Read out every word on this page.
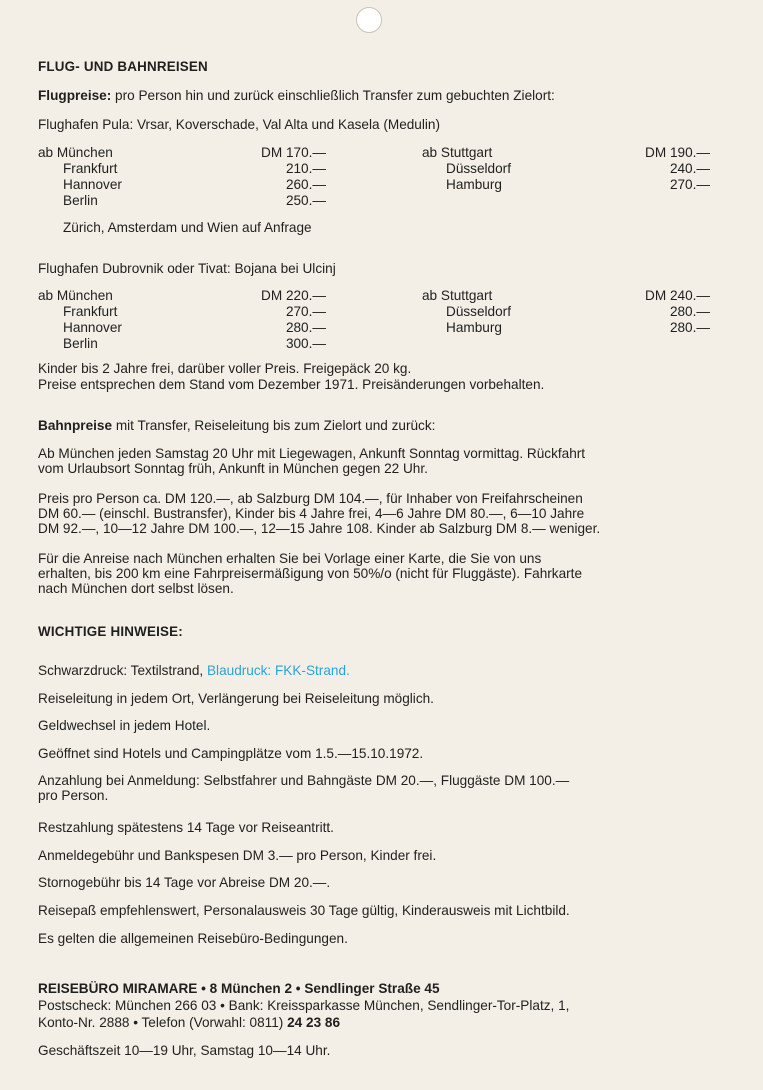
FLUG- UND BAHNREISEN
Flugpreise: pro Person hin und zurück einschließlich Transfer zum gebuchten Zielort:
Flughafen Pula: Vrsar, Koverschade, Val Alta und Kasela (Medulin)
ab München
Frankfurt
Hannover
Berlin
DM 170.—
210.—
260.—
250.—
ab Stuttgart
Düsseldorf
Hamburg
DM 190.—
240.—
270.—
Zürich, Amsterdam und Wien auf Anfrage
Flughafen Dubrovnik oder Tivat: Bojana bei Ulcinj
ab München
Frankfurt
Hannover
Berlin
DM 220.—
270.—
280.—
300.—
ab Stuttgart
Düsseldorf
Hamburg
DM 240.—
280.—
280.—
Kinder bis 2 Jahre frei, darüber voller Preis. Freigepäck 20 kg.
Preise entsprechen dem Stand vom Dezember 1971. Preisänderungen vorbehalten.
Bahnpreise mit Transfer, Reiseleitung bis zum Zielort und zurück:
Ab München jeden Samstag 20 Uhr mit Liegewagen, Ankunft Sonntag vormittag. Rückfahrt
vom Urlaubsort Sonntag früh, Ankunft in München gegen 22 Uhr.
Preis pro Person ca. DM 120.—, ab Salzburg DM 104.—, für Inhaber von Freifahrscheinen
DM 60.— (einschl. Bustransfer), Kinder bis 4 Jahre frei, 4—6 Jahre DM 80.—, 6—10 Jahre
DM 92.—, 10—12 Jahre DM 100.—, 12—15 Jahre 108. Kinder ab Salzburg DM 8.— weniger.
Für die Anreise nach München erhalten Sie bei Vorlage einer Karte, die Sie von uns
erhalten, bis 200 km eine Fahrpreisermäßigung von 50%/o (nicht für Fluggäste). Fahrkarte
nach München dort selbst lösen.
WICHTIGE HINWEISE:
Schwarzdruck: Textilstrand, Blaudruck: FKK-Strand.
Reiseleitung in jedem Ort, Verlängerung bei Reiseleitung möglich.
Geldwechsel in jedem Hotel.
Geöffnet sind Hotels und Campingplätze vom 1.5.—15.10.1972.
Anzahlung bei Anmeldung: Selbstfahrer und Bahngäste DM 20.—, Fluggäste DM 100.—
pro Person.
Restzahlung spätestens 14 Tage vor Reiseantritt.
Anmeldegebühr und Bankspesen DM 3.— pro Person, Kinder frei.
Stornogebühr bis 14 Tage vor Abreise DM 20.—.
Reisepaß empfehlenswert, Personalausweis 30 Tage gültig, Kinderausweis mit Lichtbild.
Es gelten die allgemeinen Reisebüro-Bedingungen.
REISEBÜRO MIRAMARE • 8 München 2 • Sendlinger Straße 45
Postscheck: München 266 03 • Bank: Kreissparkasse München, Sendlinger-Tor-Platz, 1,
Konto-Nr. 2888 • Telefon (Vorwahl: 0811) 24 23 86
Geschäftszeit 10—19 Uhr, Samstag 10—14 Uhr.
